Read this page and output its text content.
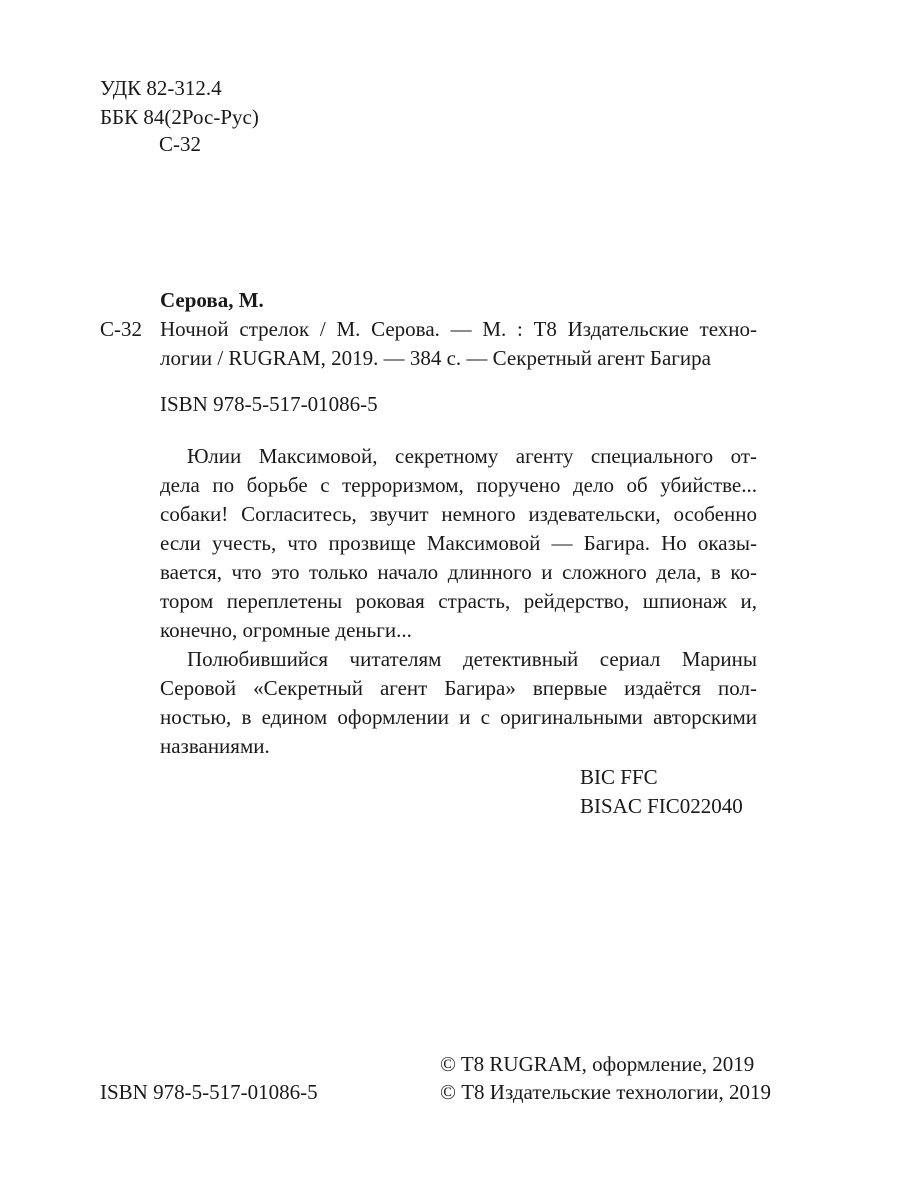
УДК 82-312.4
ББК 84(2Рос-Рус)
С-32
Серова, М.
С-32 Ночной стрелок / М. Серова. — М. : Т8 Издательские техно-
логии / RUGRAM, 2019. — 384 с. — Секретный агент Багира
ISBN 978-5-517-01086-5
Юлии Максимовой, секретному агенту специального от-
дела по борьбе с терроризмом, поручено дело об убийстве...
собаки! Согласитесь, звучит немного издевательски, особенно
если учесть, что прозвище Максимовой — Багира. Но оказы-
вается, что это только начало длинного и сложного дела, в ко-
тором переплетены роковая страсть, рейдерство, шпионаж и,
конечно, огромные деньги...
Полюбившийся читателям детективный сериал Марины
Серовой «Секретный агент Багира» впервые издаётся пол-
ностью, в едином оформлении и с оригинальными авторскими
названиями.
BIC FFC
BISAC FIC022040
ISBN 978-5-517-01086-5
© T8 RUGRAM, оформление, 2019
© Т8 Издательские технологии, 2019
